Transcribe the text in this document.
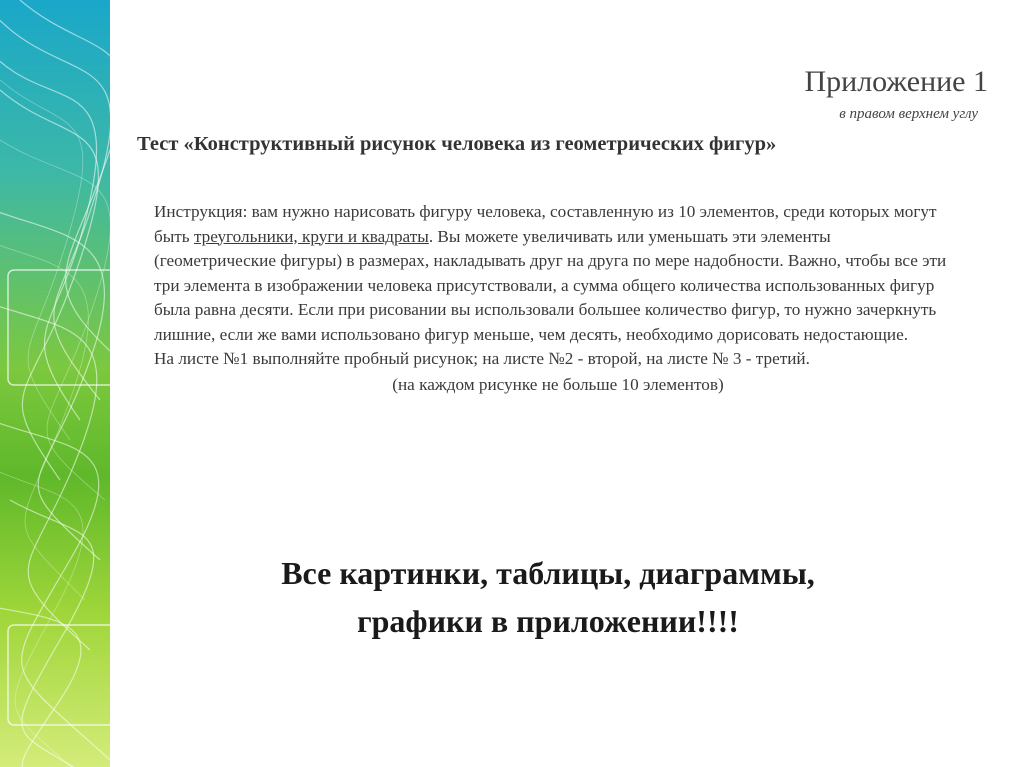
Приложение 1
в правом верхнем углу
Тест «Конструктивный рисунок человека из геометрических фигур»

Инструкция: вам нужно нарисовать фигуру человека, составленную из 10 элементов, среди которых могут быть треугольники, круги и квадраты. Вы можете увеличивать или уменьшать эти элементы (геометрические фигуры) в размерах, накладывать друг на друга по мере надобности. Важно, чтобы все эти три элемента в изображении человека присутствовали, а сумма общего количества использованных фигур была равна десяти. Если при рисовании вы использовали большее количество фигур, то нужно зачеркнуть лишние, если же вами использовано фигур меньше, чем десять, необходимо дорисовать недостающие.

На листе №1 выполняйте пробный рисунок; на листе №2 - второй, на листе № 3 - третий.

(на каждом рисунке не больше 10 элементов)

Все картинки, таблицы, диаграммы,
графики в приложении!!!!
